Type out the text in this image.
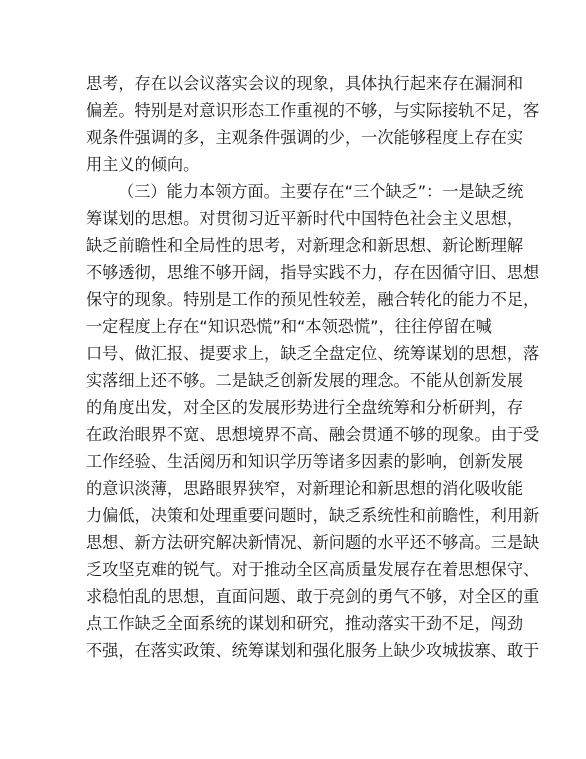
思考，存在以会议落实会议的现象，具体执行起来存在漏洞和
偏差。特别是对意识形态工作重视的不够，与实际接轨不足，客
观条件强调的多，主观条件强调的少，一次能够程度上存在实
用主义的倾向。
（三）能力本领方面。主要存在“三个缺乏”：一是缺乏统
筹谋划的思想。对贯彻习近平新时代中国特色社会主义思想，
缺乏前瞻性和全局性的思考，对新理念和新思想、新论断理解
不够透彻，思维不够开阔，指导实践不力，存在因循守旧、思想
保守的现象。特别是工作的预见性较差，融合转化的能力不足，
一定程度上存在“知识恐慌”和“本领恐慌”，往往停留在喊
口号、做汇报、提要求上，缺乏全盘定位、统筹谋划的思想，落
实落细上还不够。二是缺乏创新发展的理念。不能从创新发展
的角度出发，对全区的发展形势进行全盘统筹和分析研判，存
在政治眼界不宽、思想境界不高、融会贯通不够的现象。由于受
工作经验、生活阅历和知识学历等诸多因素的影响，创新发展
的意识淡薄，思路眼界狭窄，对新理论和新思想的消化吸收能
力偏低，决策和处理重要问题时，缺乏系统性和前瞻性，利用新
思想、新方法研究解决新情况、新问题的水平还不够高。三是缺
乏攻坚克难的锐气。对于推动全区高质量发展存在着思想保守、
求稳怕乱的思想，直面问题、敢于亮剑的勇气不够，对全区的重
点工作缺乏全面系统的谋划和研究，推动落实干劲不足，闯劲
不强，在落实政策、统筹谋划和强化服务上缺少攻城拔寨、敢于
